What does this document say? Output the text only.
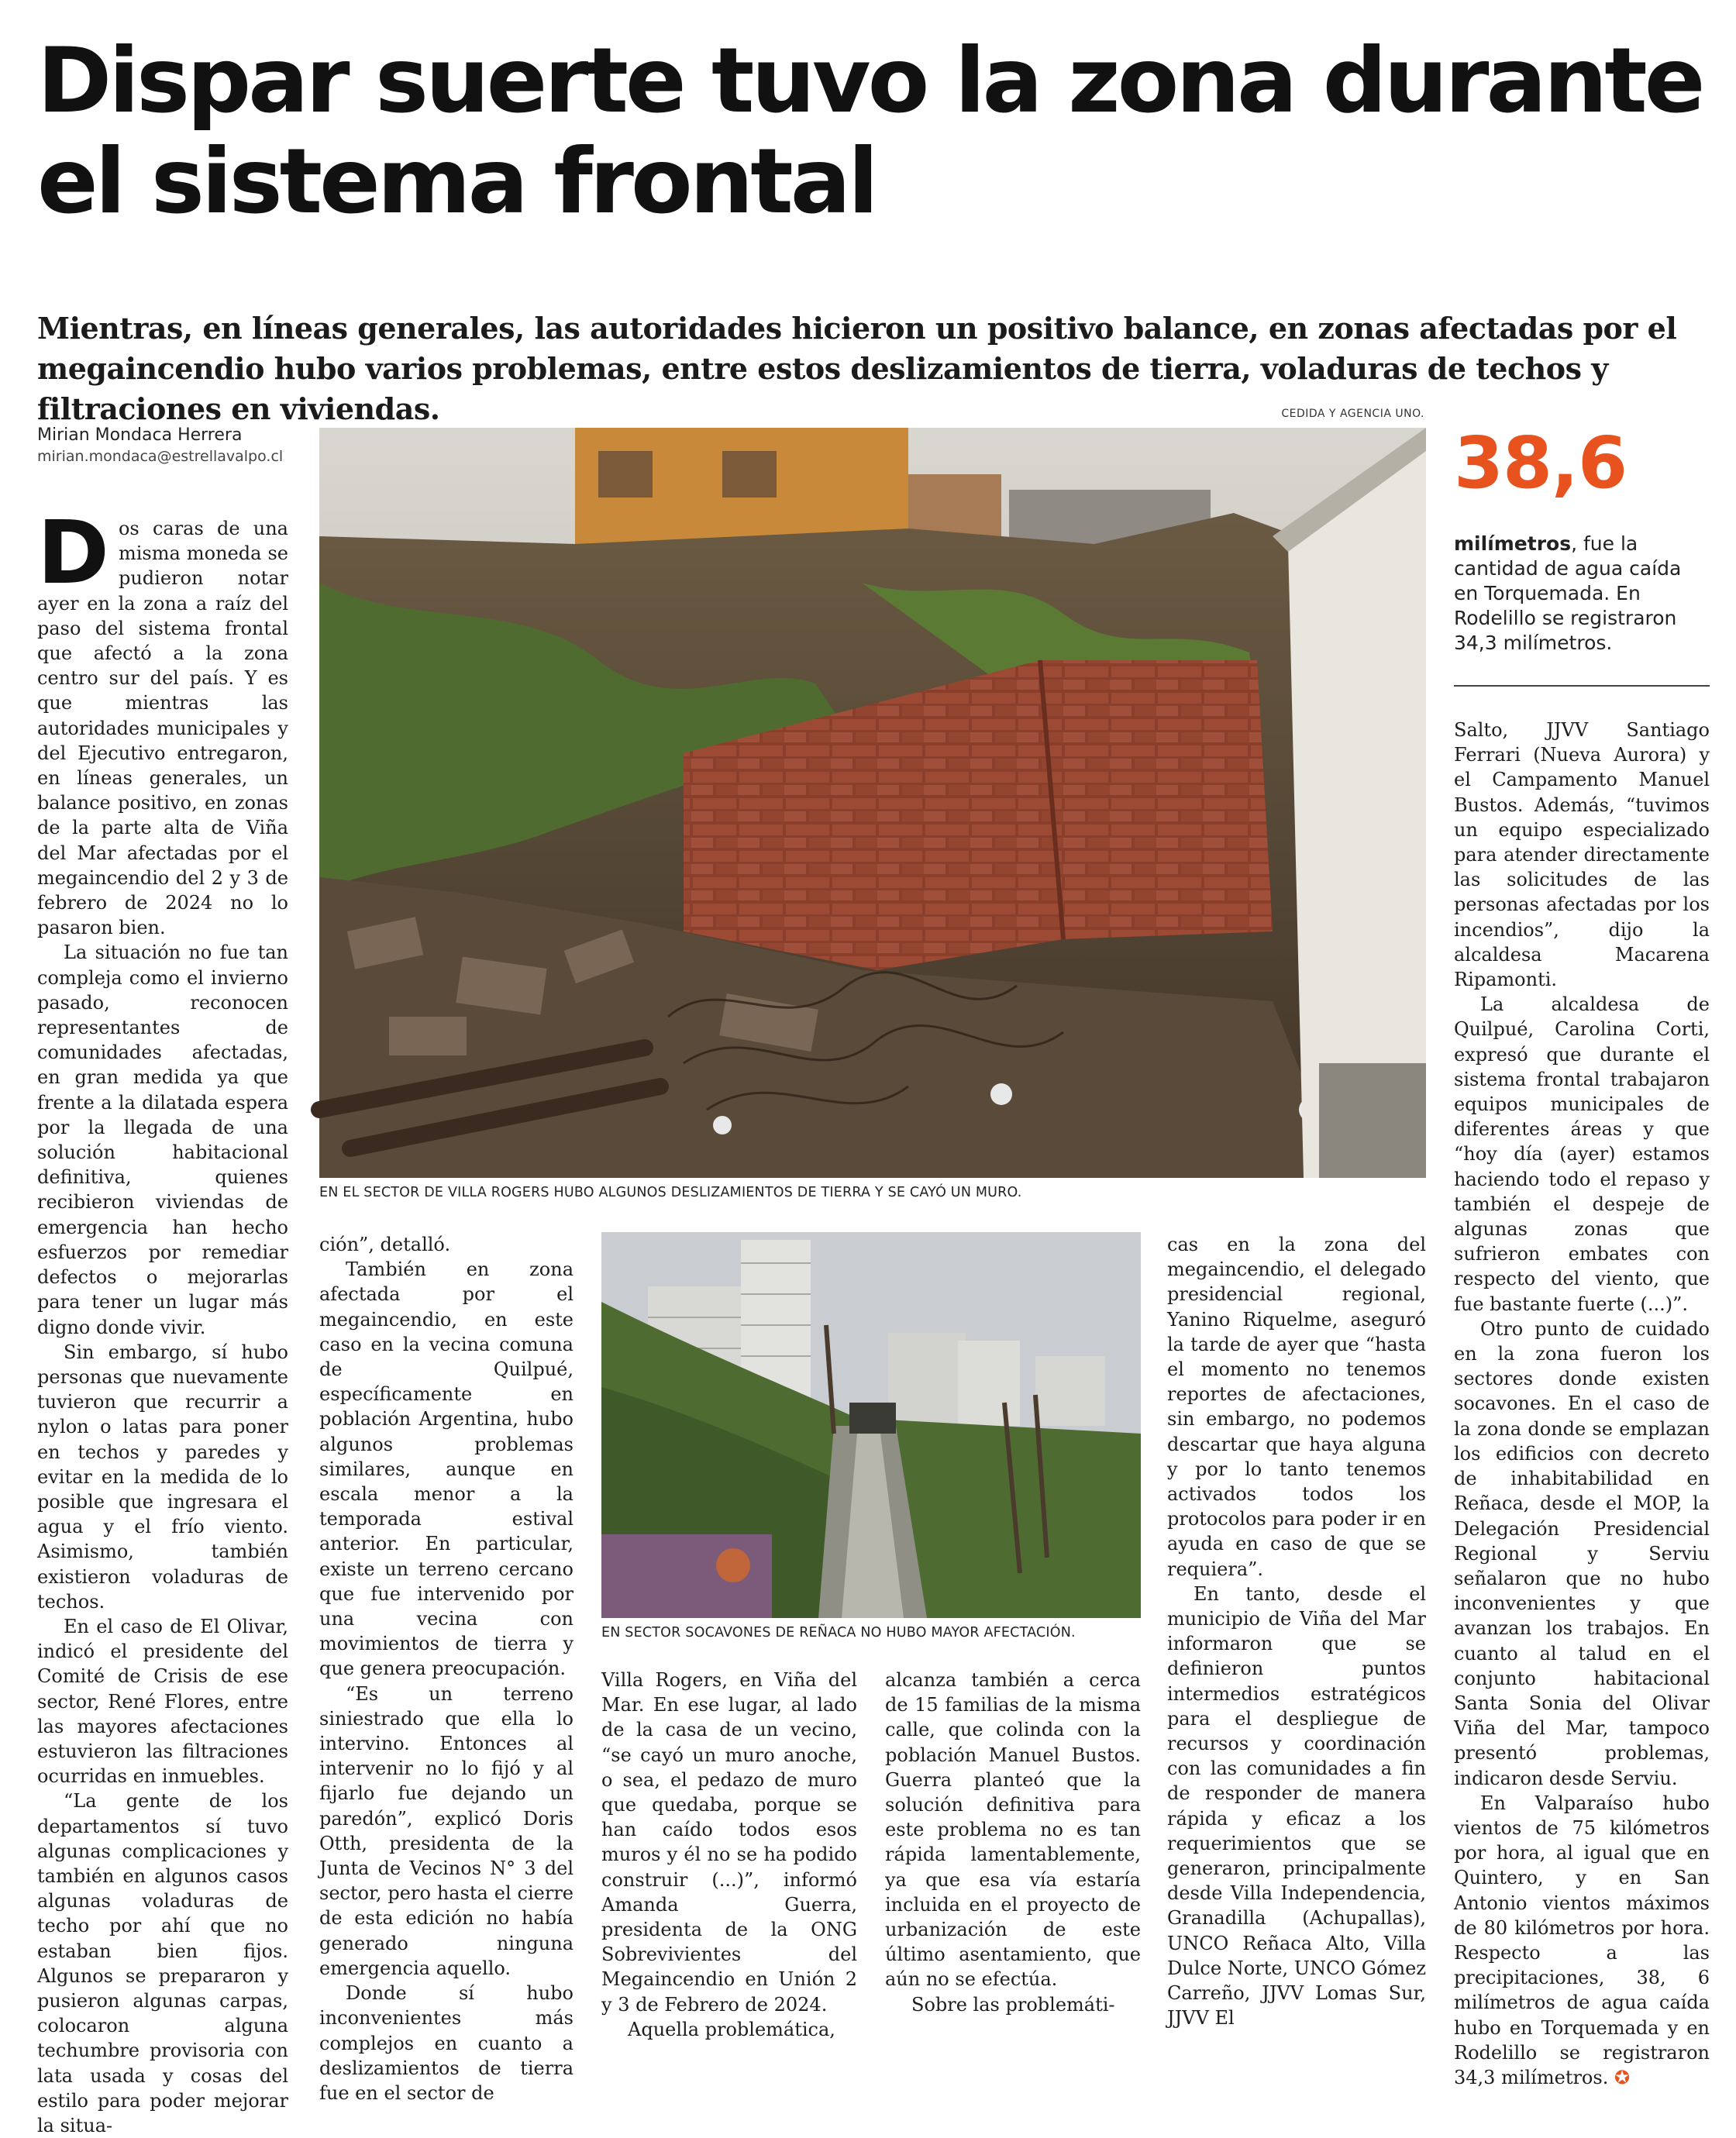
Dispar suerte tuvo la zona durante el sistema frontal

Mientras, en líneas generales, las autoridades hicieron un positivo balance, en zonas afectadas por el megaincendio hubo varios problemas, entre estos deslizamientos de tierra, voladuras de techos y filtraciones en viviendas.

Mirian Mondaca Herrera
mirian.mondaca@estrellavalpo.cl
CEDIDA Y AGENCIA UNO.
EN EL SECTOR DE VILLA ROGERS HUBO ALGUNOS DESLIZAMIENTOS DE TIERRA Y SE CAYÓ UN MURO.
EN SECTOR SOCAVONES DE REÑACA NO HUBO MAYOR AFECTACIÓN.
38,6
milímetros, fue la cantidad de agua caída en Torquemada. En Rodelillo se registraron 34,3 milímetros.

Dos caras de una misma moneda se pudieron notar ayer en la zona a raíz del paso del sistema frontal que afectó a la zona centro sur del país. Y es que mientras las autoridades municipales y del Ejecutivo entregaron, en líneas generales, un balance positivo, en zonas de la parte alta de Viña del Mar afectadas por el megaincendio del 2 y 3 de febrero de 2024 no lo pasaron bien.

La situación no fue tan compleja como el invierno pasado, reconocen representantes de comunidades afectadas, en gran medida ya que frente a la dilatada espera por la llegada de una solución habitacional definitiva, quienes recibieron viviendas de emergencia han hecho esfuerzos por remediar defectos o mejorarlas para tener un lugar más digno donde vivir.

Sin embargo, sí hubo personas que nuevamente tuvieron que recurrir a nylon o latas para poner en techos y paredes y evitar en la medida de lo posible que ingresara el agua y el frío viento. Asimismo, también existieron voladuras de techos.

En el caso de El Olivar, indicó el presidente del Comité de Crisis de ese sector, René Flores, entre las mayores afectaciones estuvieron las filtraciones ocurridas en inmuebles.

“La gente de los departamentos sí tuvo algunas complicaciones y también en algunos casos algunas voladuras de techo por ahí que no estaban bien fijos. Algunos se prepararon y pusieron algunas carpas, colocaron alguna techumbre provisoria con lata usada y cosas del estilo para poder mejorar la situa-

ción”, detalló.

También en zona afectada por el megaincendio, en este caso en la vecina comuna de Quilpué, específicamente en población Argentina, hubo algunos problemas similares, aunque en escala menor a la temporada estival anterior. En particular, existe un terreno cercano que fue intervenido por una vecina con movimientos de tierra y que genera preocupación.

“Es un terreno siniestrado que ella lo intervino. Entonces al intervenir no lo fijó y al fijarlo fue dejando un paredón”, explicó Doris Otth, presidenta de la Junta de Vecinos N° 3 del sector, pero hasta el cierre de esta edición no había generado ninguna emergencia aquello.

Donde sí hubo inconvenientes más complejos en cuanto a deslizamientos de tierra fue en el sector de

Villa Rogers, en Viña del Mar. En ese lugar, al lado de la casa de un vecino, “se cayó un muro anoche, o sea, el pedazo de muro que quedaba, porque se han caído todos esos muros y él no se ha podido construir (...)”, informó Amanda Guerra, presidenta de la ONG Sobrevivientes del Megaincendio en Unión 2 y 3 de Febrero de 2024.

Aquella problemática,

alcanza también a cerca de 15 familias de la misma calle, que colinda con la población Manuel Bustos. Guerra planteó que la solución definitiva para este problema no es tan rápida lamentablemente, ya que esa vía estaría incluida en el proyecto de urbanización de este último asentamiento, que aún no se efectúa.

Sobre las problemáti-

cas en la zona del megaincendio, el delegado presidencial regional, Yanino Riquelme, aseguró la tarde de ayer que “hasta el momento no tenemos reportes de afectaciones, sin embargo, no podemos descartar que haya alguna y por lo tanto tenemos activados todos los protocolos para poder ir en ayuda en caso de que se requiera”.

En tanto, desde el municipio de Viña del Mar informaron que se definieron puntos intermedios estratégicos para el despliegue de recursos y coordinación con las comunidades a fin de responder de manera rápida y eficaz a los requerimientos que se generaron, principalmente desde Villa Independencia, Granadilla (Achupallas), UNCO Reñaca Alto, Villa Dulce Norte, UNCO Gómez Carreño, JJVV Lomas Sur, JJVV El

Salto, JJVV Santiago Ferrari (Nueva Aurora) y el Campamento Manuel Bustos. Además, “tuvimos un equipo especializado para atender directamente las solicitudes de las personas afectadas por los incendios”, dijo la alcaldesa Macarena Ripamonti.

La alcaldesa de Quilpué, Carolina Corti, expresó que durante el sistema frontal trabajaron equipos municipales de diferentes áreas y que “hoy día (ayer) estamos haciendo todo el repaso y también el despeje de algunas zonas que sufrieron embates con respecto del viento, que fue bastante fuerte (...)”.

Otro punto de cuidado en la zona fueron los sectores donde existen socavones. En el caso de la zona donde se emplazan los edificios con decreto de inhabitabilidad en Reñaca, desde el MOP, la Delegación Presidencial Regional y Serviu señalaron que no hubo inconvenientes y que avanzan los trabajos. En cuanto al talud en el conjunto habitacional Santa Sonia del Olivar Viña del Mar, tampoco presentó problemas, indicaron desde Serviu.

En Valparaíso hubo vientos de 75 kilómetros por hora, al igual que en Quintero, y en San Antonio vientos máximos de 80 kilómetros por hora. Respecto a las precipitaciones, 38, 6 milímetros de agua caída hubo en Torquemada y en Rodelillo se registraron 34,3 milímetros. ✪
